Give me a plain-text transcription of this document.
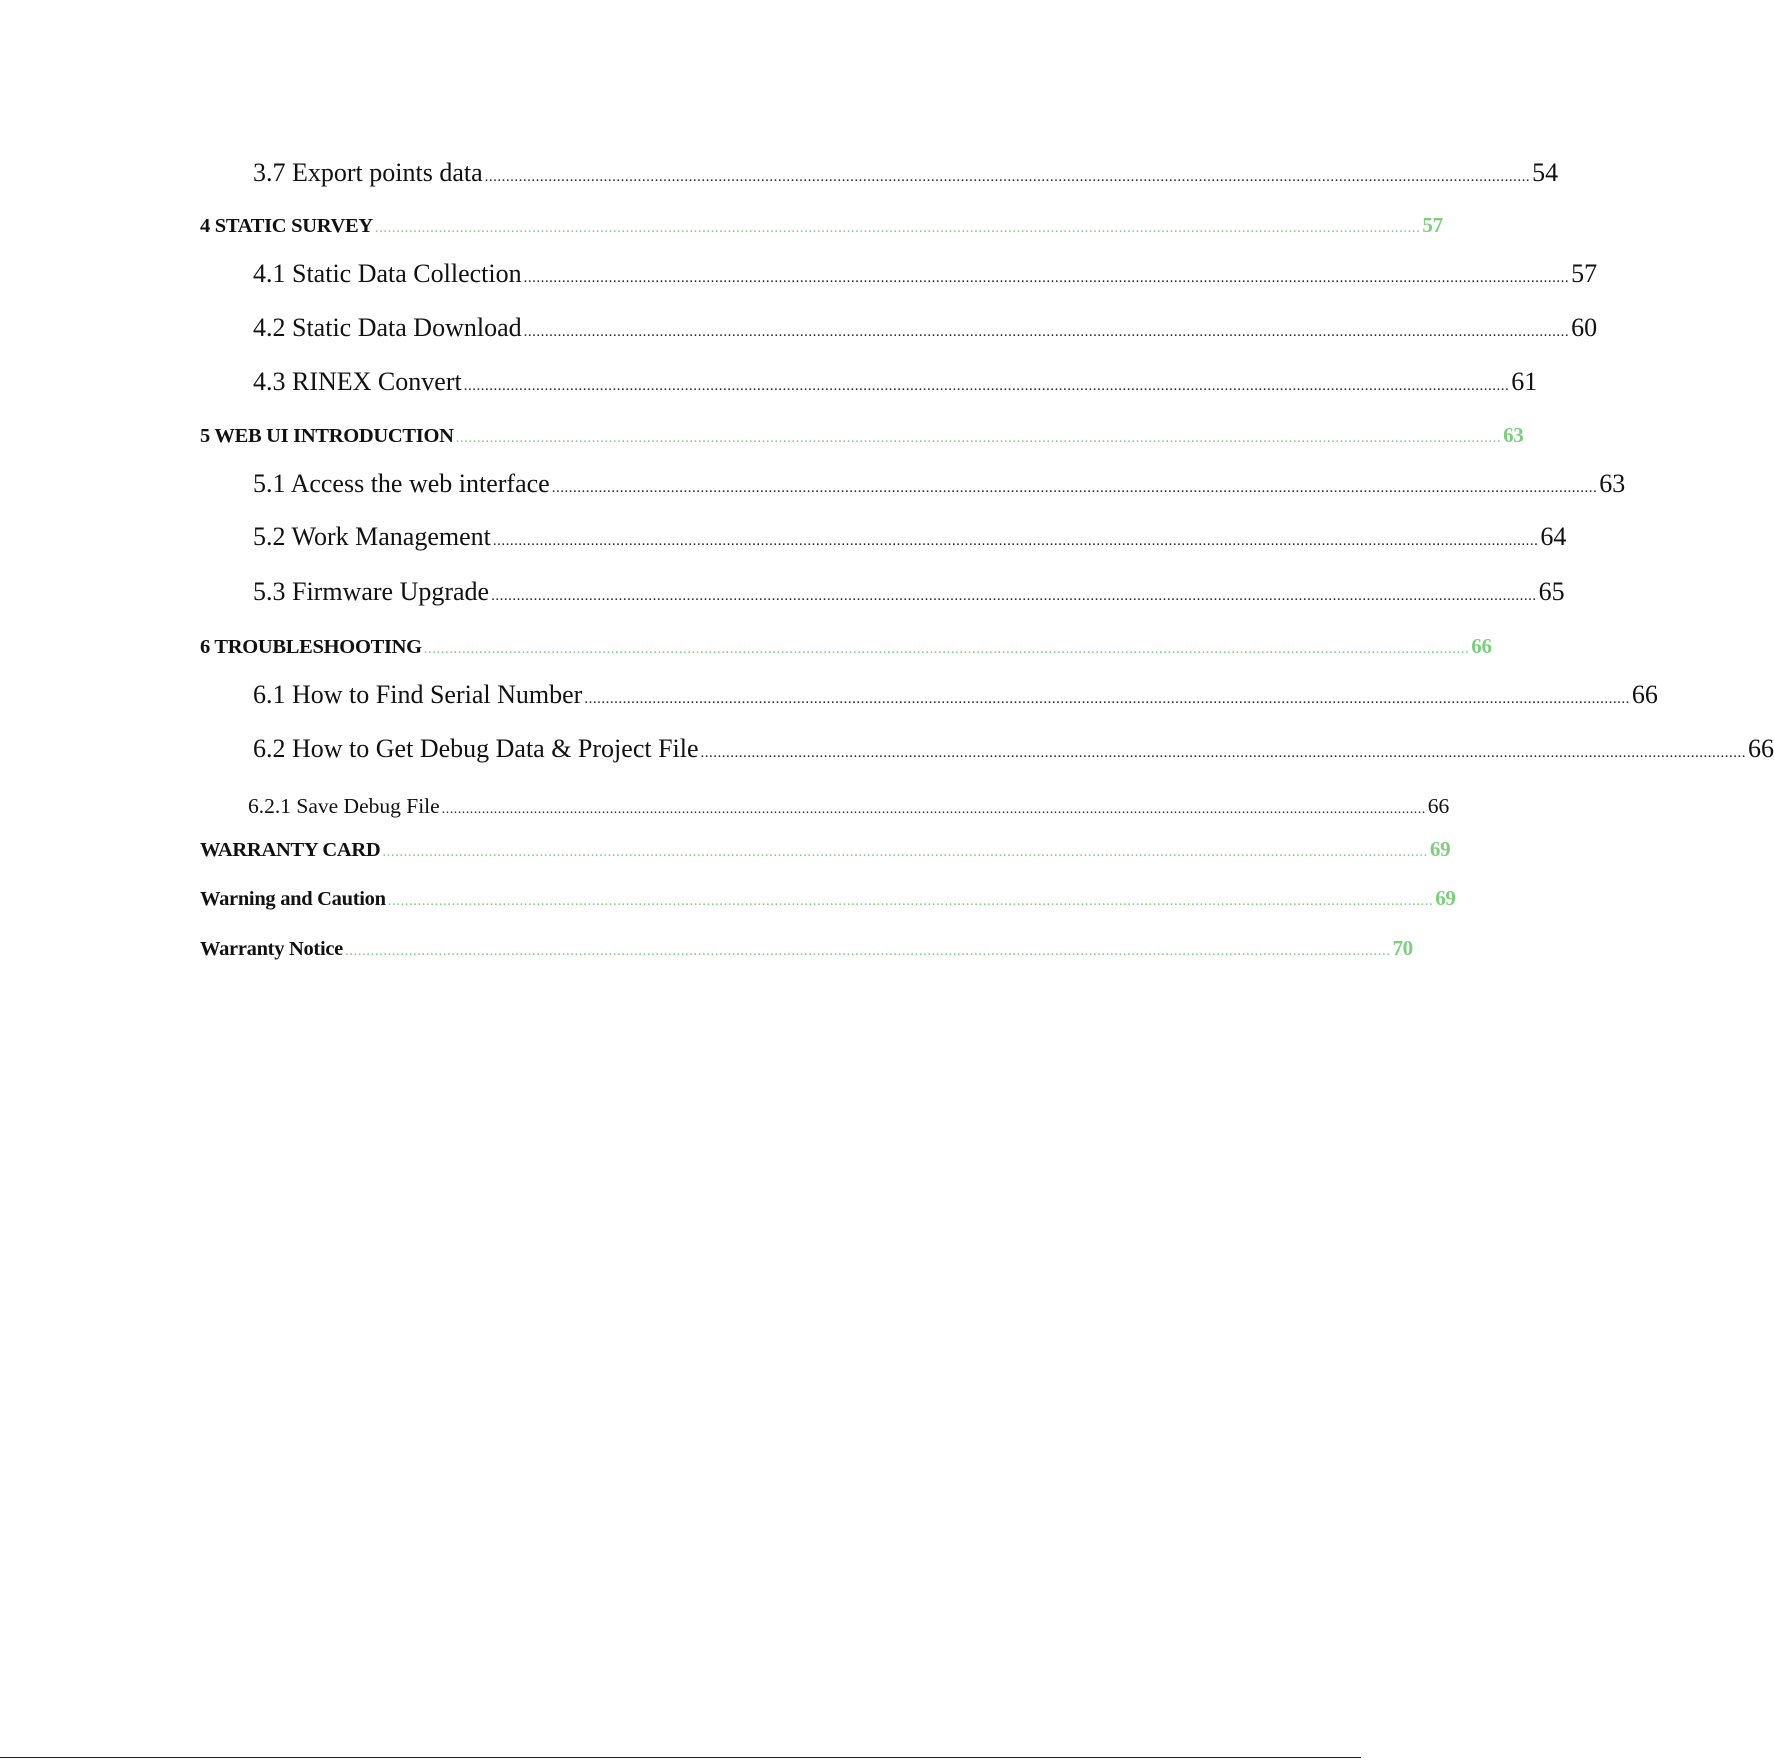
3.7 Export points data ...................................................................................................................................................................................................................................................... 54
4 STATIC SURVEY ...................................................................................................................................................................................................................................................... 57
4.1 Static Data Collection ...................................................................................................................................................................................................................................................... 57
4.2 Static Data Download ...................................................................................................................................................................................................................................................... 60
4.3 RINEX Convert ...................................................................................................................................................................................................................................................... 61
5 WEB UI INTRODUCTION ...................................................................................................................................................................................................................................................... 63
5.1 Access the web interface ...................................................................................................................................................................................................................................................... 63
5.2 Work Management ...................................................................................................................................................................................................................................................... 64
5.3 Firmware Upgrade ...................................................................................................................................................................................................................................................... 65
6 TROUBLESHOOTING ...................................................................................................................................................................................................................................................... 66
6.1 How to Find Serial Number ...................................................................................................................................................................................................................................................... 66
6.2 How to Get Debug Data & Project File ...................................................................................................................................................................................................................................................... 66
6.2.1 Save Debug File ...................................................................................................................................................................................................................................................... 66
WARRANTY CARD ...................................................................................................................................................................................................................................................... 69
Warning and Caution ...................................................................................................................................................................................................................................................... 69
Warranty Notice ...................................................................................................................................................................................................................................................... 70
